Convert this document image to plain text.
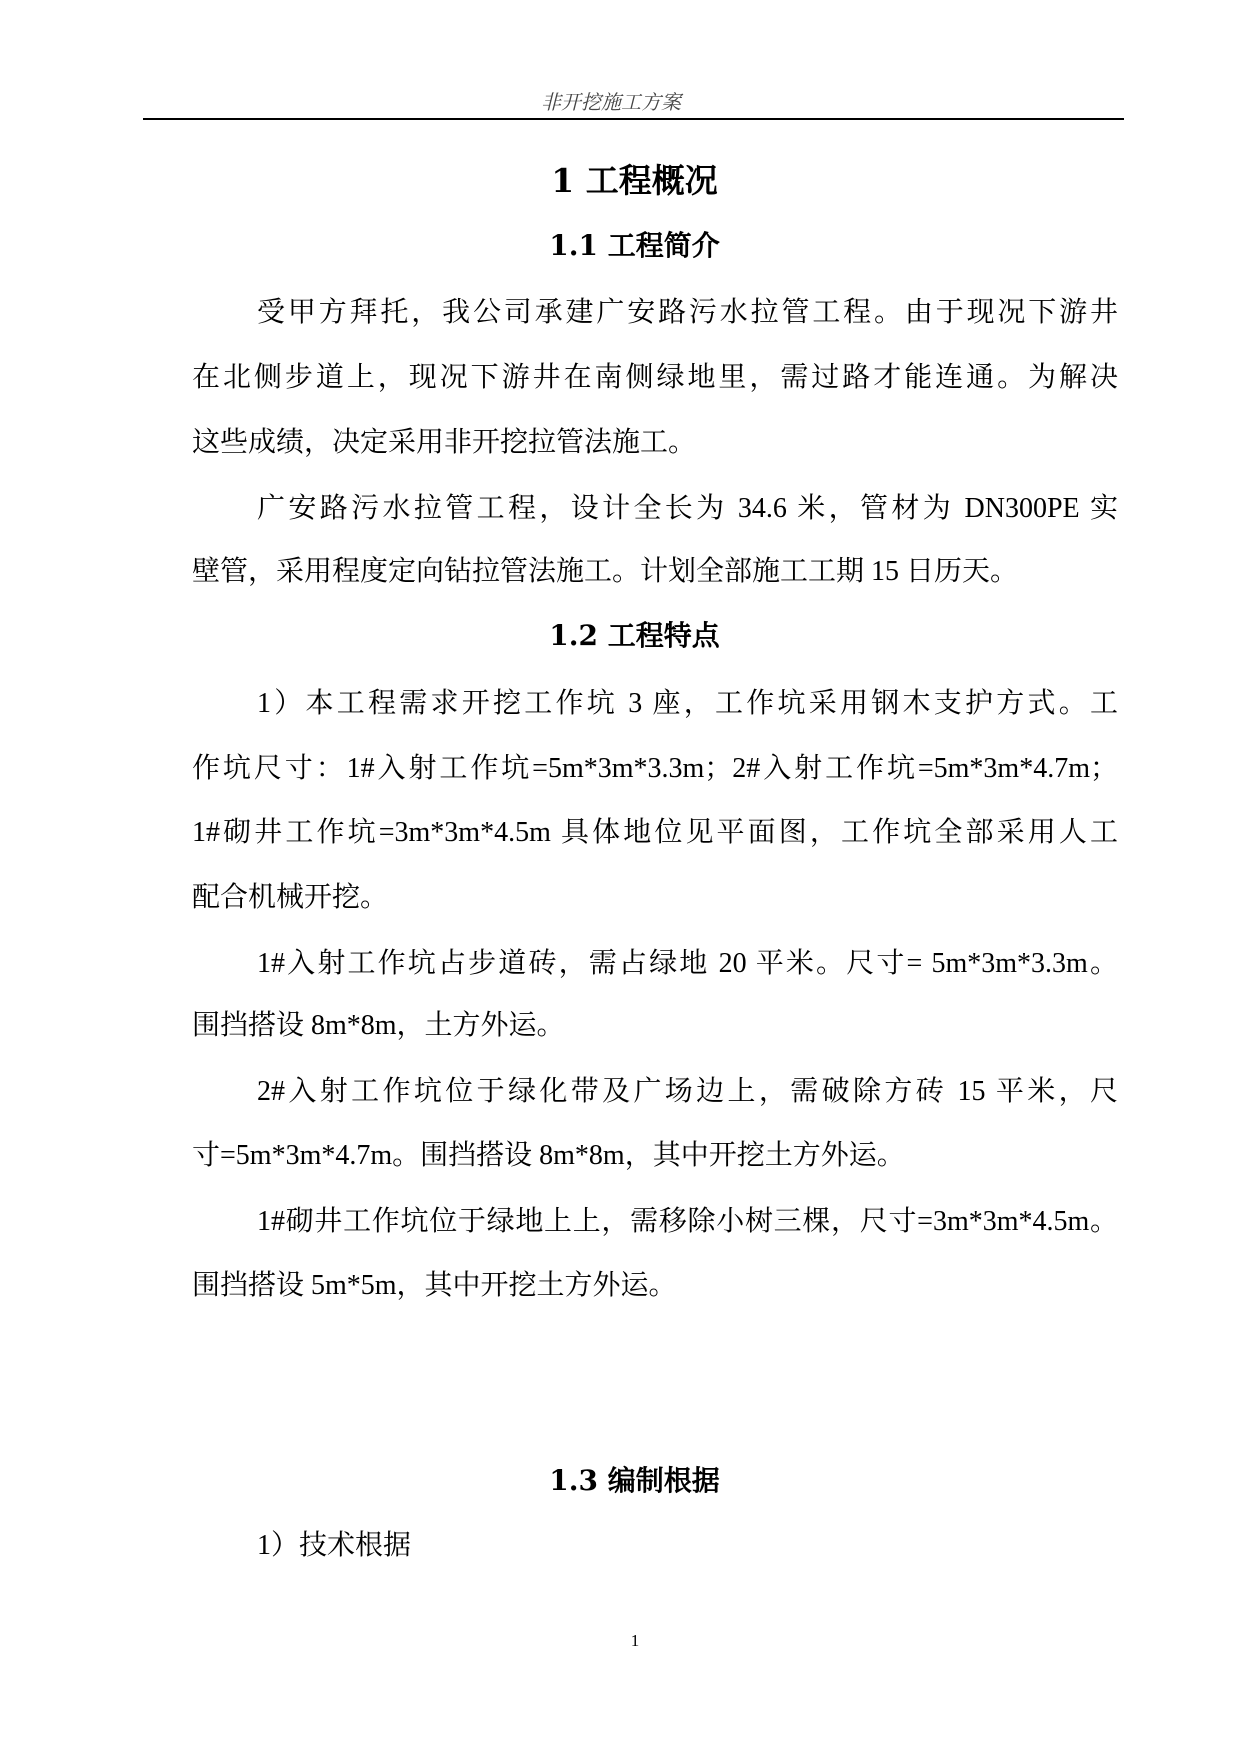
非开挖施工方案
1 工程概况
1.1 工程简介
受甲方拜托，我公司承建广安路污水拉管工程。由于现况下游井
在北侧步道上，现况下游井在南侧绿地里，需过路才能连通。为解决
这些成绩，决定采用非开挖拉管法施工。
广安路污水拉管工程，设计全长为 34.6 米，管材为 DN300PE 实
壁管，采用程度定向钻拉管法施工。计划全部施工工期 15 日历天。
1.2 工程特点
1）本工程需求开挖工作坑 3 座，工作坑采用钢木支护方式。工
作坑尺寸：1#入射工作坑=5m*3m*3.3m；2#入射工作坑=5m*3m*4.7m；
1#砌井工作坑=3m*3m*4.5m 具体地位见平面图，工作坑全部采用人工
配合机械开挖。
1#入射工作坑占步道砖，需占绿地 20 平米。尺寸= 5m*3m*3.3m。
围挡搭设 8m*8m，土方外运。
2#入射工作坑位于绿化带及广场边上，需破除方砖 15 平米，尺
寸=5m*3m*4.7m。围挡搭设 8m*8m，其中开挖土方外运。
1#砌井工作坑位于绿地上上，需移除小树三棵，尺寸=3m*3m*4.5m。
围挡搭设 5m*5m，其中开挖土方外运。
1.3 编制根据
1）技术根据
1
